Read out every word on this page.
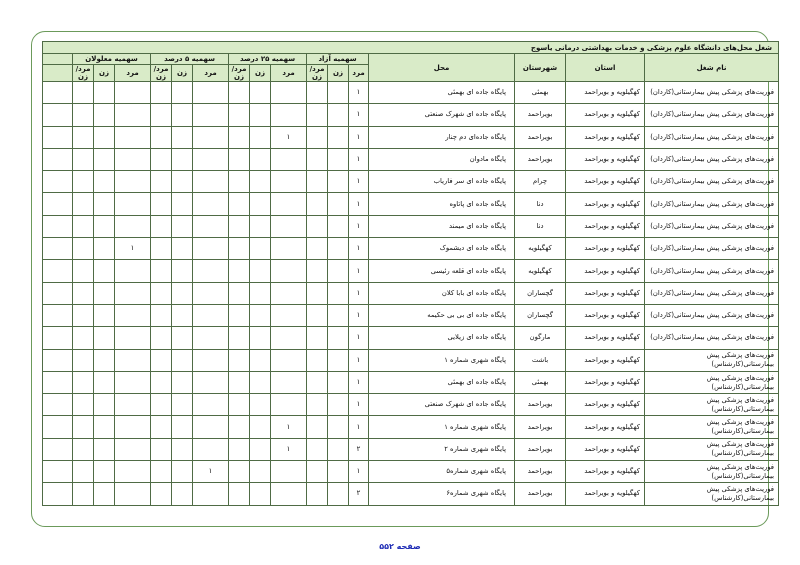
شغل محل‌های دانشگاه علوم پزشکی و خدمات بهداشتی درمانی یاسوج																
نام شغل	استان	شهرستان	محل	سهمیه آزاد			سهمیه ۲۵ درصد			سهمیه ۵ درصد			سهمیه معلولان			
				مرد	زن	مرد/زن	مرد	زن	مرد/زن	مرد	زن	مرد/زن	مرد	زن	مرد/زن	
فوریت‌های پزشکی پیش بیمارستانی(کاردان)	کهگیلویه و بویراحمد	بهمئی	پایگاه جاده ای بهمئی	۱												
فوریت‌های پزشکی پیش بیمارستانی(کاردان)	کهگیلویه و بویراحمد	بویراحمد	پایگاه جاده ای شهرک صنعتی	۱												
فوریت‌های پزشکی پیش بیمارستانی(کاردان)	کهگیلویه و بویراحمد	بویراحمد	پایگاه جاده‌ای دم چنار	۱			۱									
فوریت‌های پزشکی پیش بیمارستانی(کاردان)	کهگیلویه و بویراحمد	بویراحمد	پایگاه مادوان	۱												
فوریت‌های پزشکی پیش بیمارستانی(کاردان)	کهگیلویه و بویراحمد	چرام	پایگاه جاده ای سر فاریاب	۱												
فوریت‌های پزشکی پیش بیمارستانی(کاردان)	کهگیلویه و بویراحمد	دنا	پایگاه جاده ای پاتاوه	۱												
فوریت‌های پزشکی پیش بیمارستانی(کاردان)	کهگیلویه و بویراحمد	دنا	پایگاه جاده ای میمند	۱												
فوریت‌های پزشکی پیش بیمارستانی(کاردان)	کهگیلویه و بویراحمد	کهگیلویه	پایگاه جاده ای دیشموک	۱									۱			
فوریت‌های پزشکی پیش بیمارستانی(کاردان)	کهگیلویه و بویراحمد	کهگیلویه	پایگاه جاده ای قلعه رئیسی	۱												
فوریت‌های پزشکی پیش بیمارستانی(کاردان)	کهگیلویه و بویراحمد	گچساران	پایگاه جاده ای بابا کلان	۱												
فوریت‌های پزشکی پیش بیمارستانی(کاردان)	کهگیلویه و بویراحمد	گچساران	پایگاه جاده ای بی بی حکیمه	۱												
فوریت‌های پزشکی پیش بیمارستانی(کاردان)	کهگیلویه و بویراحمد	مارگون	پایگاه جاده ای زیلایی	۱												
فوریت‌های پزشکی پیش بیمارستانی(کارشناس)	کهگیلویه و بویراحمد	باشت	پایگاه شهری شماره ۱	۱												
فوریت‌های پزشکی پیش بیمارستانی(کارشناس)	کهگیلویه و بویراحمد	بهمئی	پایگاه جاده ای بهمئی	۱												
فوریت‌های پزشکی پیش بیمارستانی(کارشناس)	کهگیلویه و بویراحمد	بویراحمد	پایگاه جاده ای شهرک صنعتی	۱												
فوریت‌های پزشکی پیش بیمارستانی(کارشناس)	کهگیلویه و بویراحمد	بویراحمد	پایگاه شهری شماره ۱	۱			۱									
فوریت‌های پزشکی پیش بیمارستانی(کارشناس)	کهگیلویه و بویراحمد	بویراحمد	پایگاه شهری شماره ۲	۲			۱									
فوریت‌های پزشکی پیش بیمارستانی(کارشناس)	کهگیلویه و بویراحمد	بویراحمد	پایگاه شهری شماره۵	۱						۱						
فوریت‌های پزشکی پیش بیمارستانی(کارشناس)	کهگیلویه و بویراحمد	بویراحمد	پایگاه شهری شماره۶	۲												
صفحه ۵۵۲
